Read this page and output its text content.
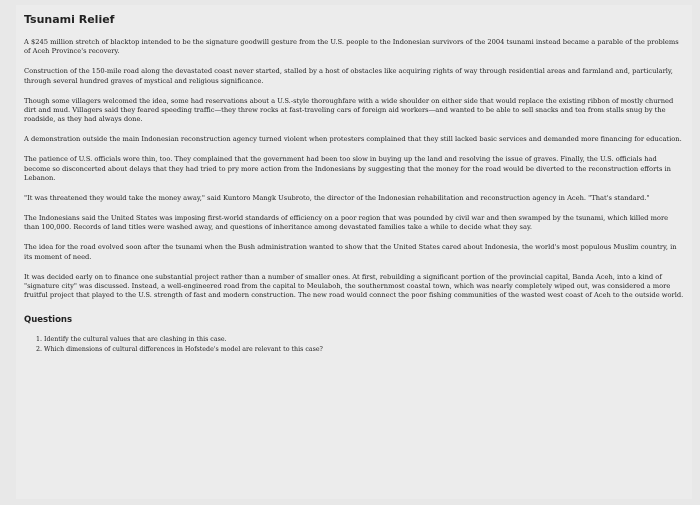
Tsunami Relief

A $245 million stretch of blacktop intended to be the signature goodwill gesture from the U.S. people to the Indonesian survivors of the 2004 tsunami instead became a parable of the problems of Aceh Province's recovery.

Construction of the 150-mile road along the devastated coast never started, stalled by a host of obstacles like acquiring rights of way through residential areas and farmland and, particularly, through several hundred graves of mystical and religious significance.

Though some villagers welcomed the idea, some had reservations about a U.S.-style thoroughfare with a wide shoulder on either side that would replace the existing ribbon of mostly churned dirt and mud. Villagers said they feared speeding traffic—they threw rocks at fast-traveling cars of foreign aid workers—and wanted to be able to sell snacks and tea from stalls snug by the roadside, as they had always done.

A demonstration outside the main Indonesian reconstruction agency turned violent when protesters complained that they still lacked basic services and demanded more financing for education.

The patience of U.S. officials wore thin, too. They complained that the government had been too slow in buying up the land and resolving the issue of graves. Finally, the U.S. officials had become so disconcerted about delays that they had tried to pry more action from the Indonesians by suggesting that the money for the road would be diverted to the reconstruction efforts in Lebanon.

"It was threatened they would take the money away," said Kuntoro Mangk Usubroto, the director of the Indonesian rehabilitation and reconstruction agency in Aceh. "That's standard."

The Indonesians said the United States was imposing first-world standards of efficiency on a poor region that was pounded by civil war and then swamped by the tsunami, which killed more than 100,000. Records of land titles were washed away, and questions of inheritance among devastated families take a while to decide what they say.

The idea for the road evolved soon after the tsunami when the Bush administration wanted to show that the United States cared about Indonesia, the world's most populous Muslim country, in its moment of need.

It was decided early on to finance one substantial project rather than a number of smaller ones. At first, rebuilding a significant portion of the provincial capital, Banda Aceh, into a kind of "signature city" was discussed. Instead, a well-engineered road from the capital to Meulaboh, the southernmost coastal town, which was nearly completely wiped out, was considered a more fruitful project that played to the U.S. strength of fast and modern construction. The new road would connect the poor fishing communities of the wasted west coast of Aceh to the outside world.

Questions
1. Identify the cultural values that are clashing in this case.
2. Which dimensions of cultural differences in Hofstede's model are relevant to this case?
